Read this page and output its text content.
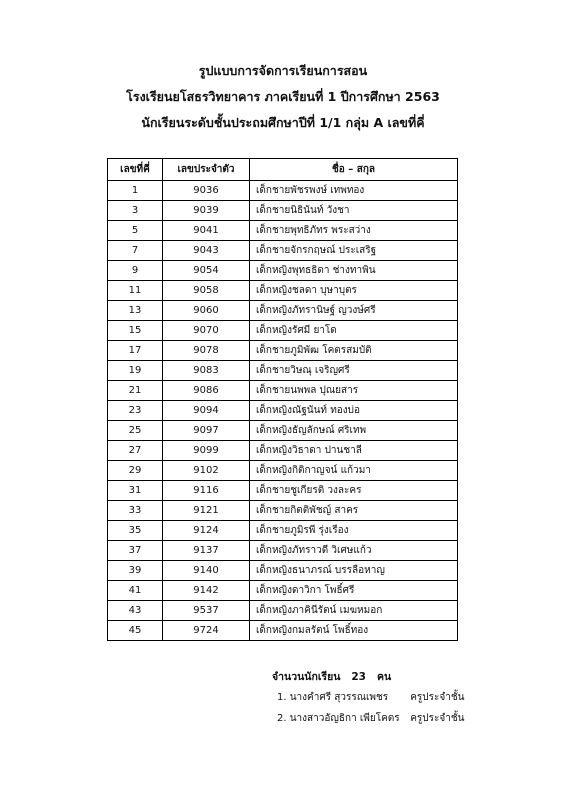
รูปแบบการจัดการเรียนการสอน
โรงเรียนยโสธรวิทยาคาร ภาคเรียนที่ 1 ปีการศึกษา 2563
นักเรียนระดับชั้นประถมศึกษาปีที่ 1/1 กลุ่ม A เลขที่คี่
เลขที่คี่	เลขประจำตัว	ชื่อ – สกุล
1	9036	เด็กชายพัชรพงษ์ เทพทอง
3	9039	เด็กชายนิธินันท์ วังชา
5	9041	เด็กชายพุทธิภัทร พระสว่าง
7	9043	เด็กชายจักรกฤษณ์ ประเสริฐ
9	9054	เด็กหญิงพุทธธิดา ช่างทาพิน
11	9058	เด็กหญิงชลดา บุษาบุตร
13	9060	เด็กหญิงภัทรานิษฐ์ ญวงษ์ศรี
15	9070	เด็กหญิงรัศมี ยาโด
17	9078	เด็กชายภูมิพัฒ โคตรสมบัติ
19	9083	เด็กชายวิษณุ เจริญศรี
21	9086	เด็กชายนพพล ปุณยสาร
23	9094	เด็กหญิงณัฐนันท์ ทองบ่อ
25	9097	เด็กหญิงธัญลักษณ์ ศริเทพ
27	9099	เด็กหญิงวิธาดา ปานชาลี
29	9102	เด็กหญิงกิติกาญจน์ แก้วมา
31	9116	เด็กชายชูเกียรติ วงละคร
33	9121	เด็กชายกิตติพัชญ์ สาคร
35	9124	เด็กชายภูมิรพี รุ่งเรือง
37	9137	เด็กหญิงภัทราวดี วิเศษแก้ว
39	9140	เด็กหญิงธนาภรณ์ บรรลือหาญ
41	9142	เด็กหญิงดาวิกา โพธิ์ศรี
43	9537	เด็กหญิงภาคินีรัตน์ เมฆหมอก
45	9724	เด็กหญิงกมลรัตน์ โพธิ์ทอง
จำนวนนักเรียน 23 คน
1. นางคำศรี สุวรรณเพชร ครูประจำชั้น
2. นางสาวอัญธิกา เพียโคตร ครูประจำชั้น
